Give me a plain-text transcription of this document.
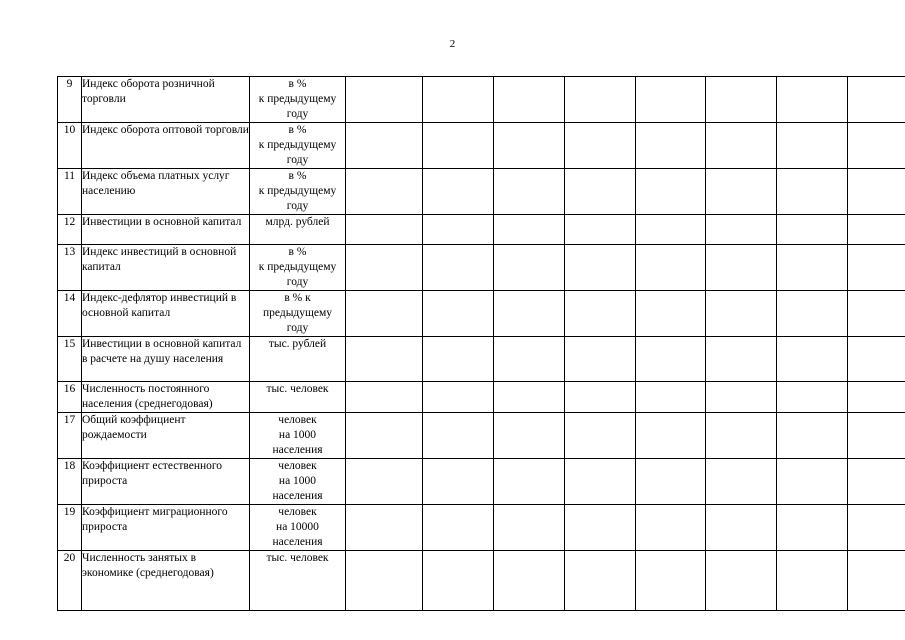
2
9	Индекс оборота розничной торговли	в %
к предыдущему
году								

10	Индекс оборота оптовой торговли	в %
к предыдущему
году								

11	Индекс объема платных услуг населению	в %
к предыдущему
году								

12	Инвестиции в основной капитал	млрд. рублей								

13	Индекс инвестиций в основной капитал	в %
к предыдущему
году								

14	Индекс-дефлятор инвестиций в основной капитал	в % к
предыдущему
году								

15	Инвестиции в основной капитал в расчете на душу населения	тыс. рублей								

16	Численность постоянного населения (среднегодовая)	тыс. человек								

17	Общий коэффициент рождаемости	человек
на 1000
населения								

18	Коэффициент естественного прироста	человек
на 1000
населения								

19	Коэффициент миграционного прироста	человек
на 10000
населения								

20	Численность занятых в экономике (среднегодовая)	тыс. человек								
